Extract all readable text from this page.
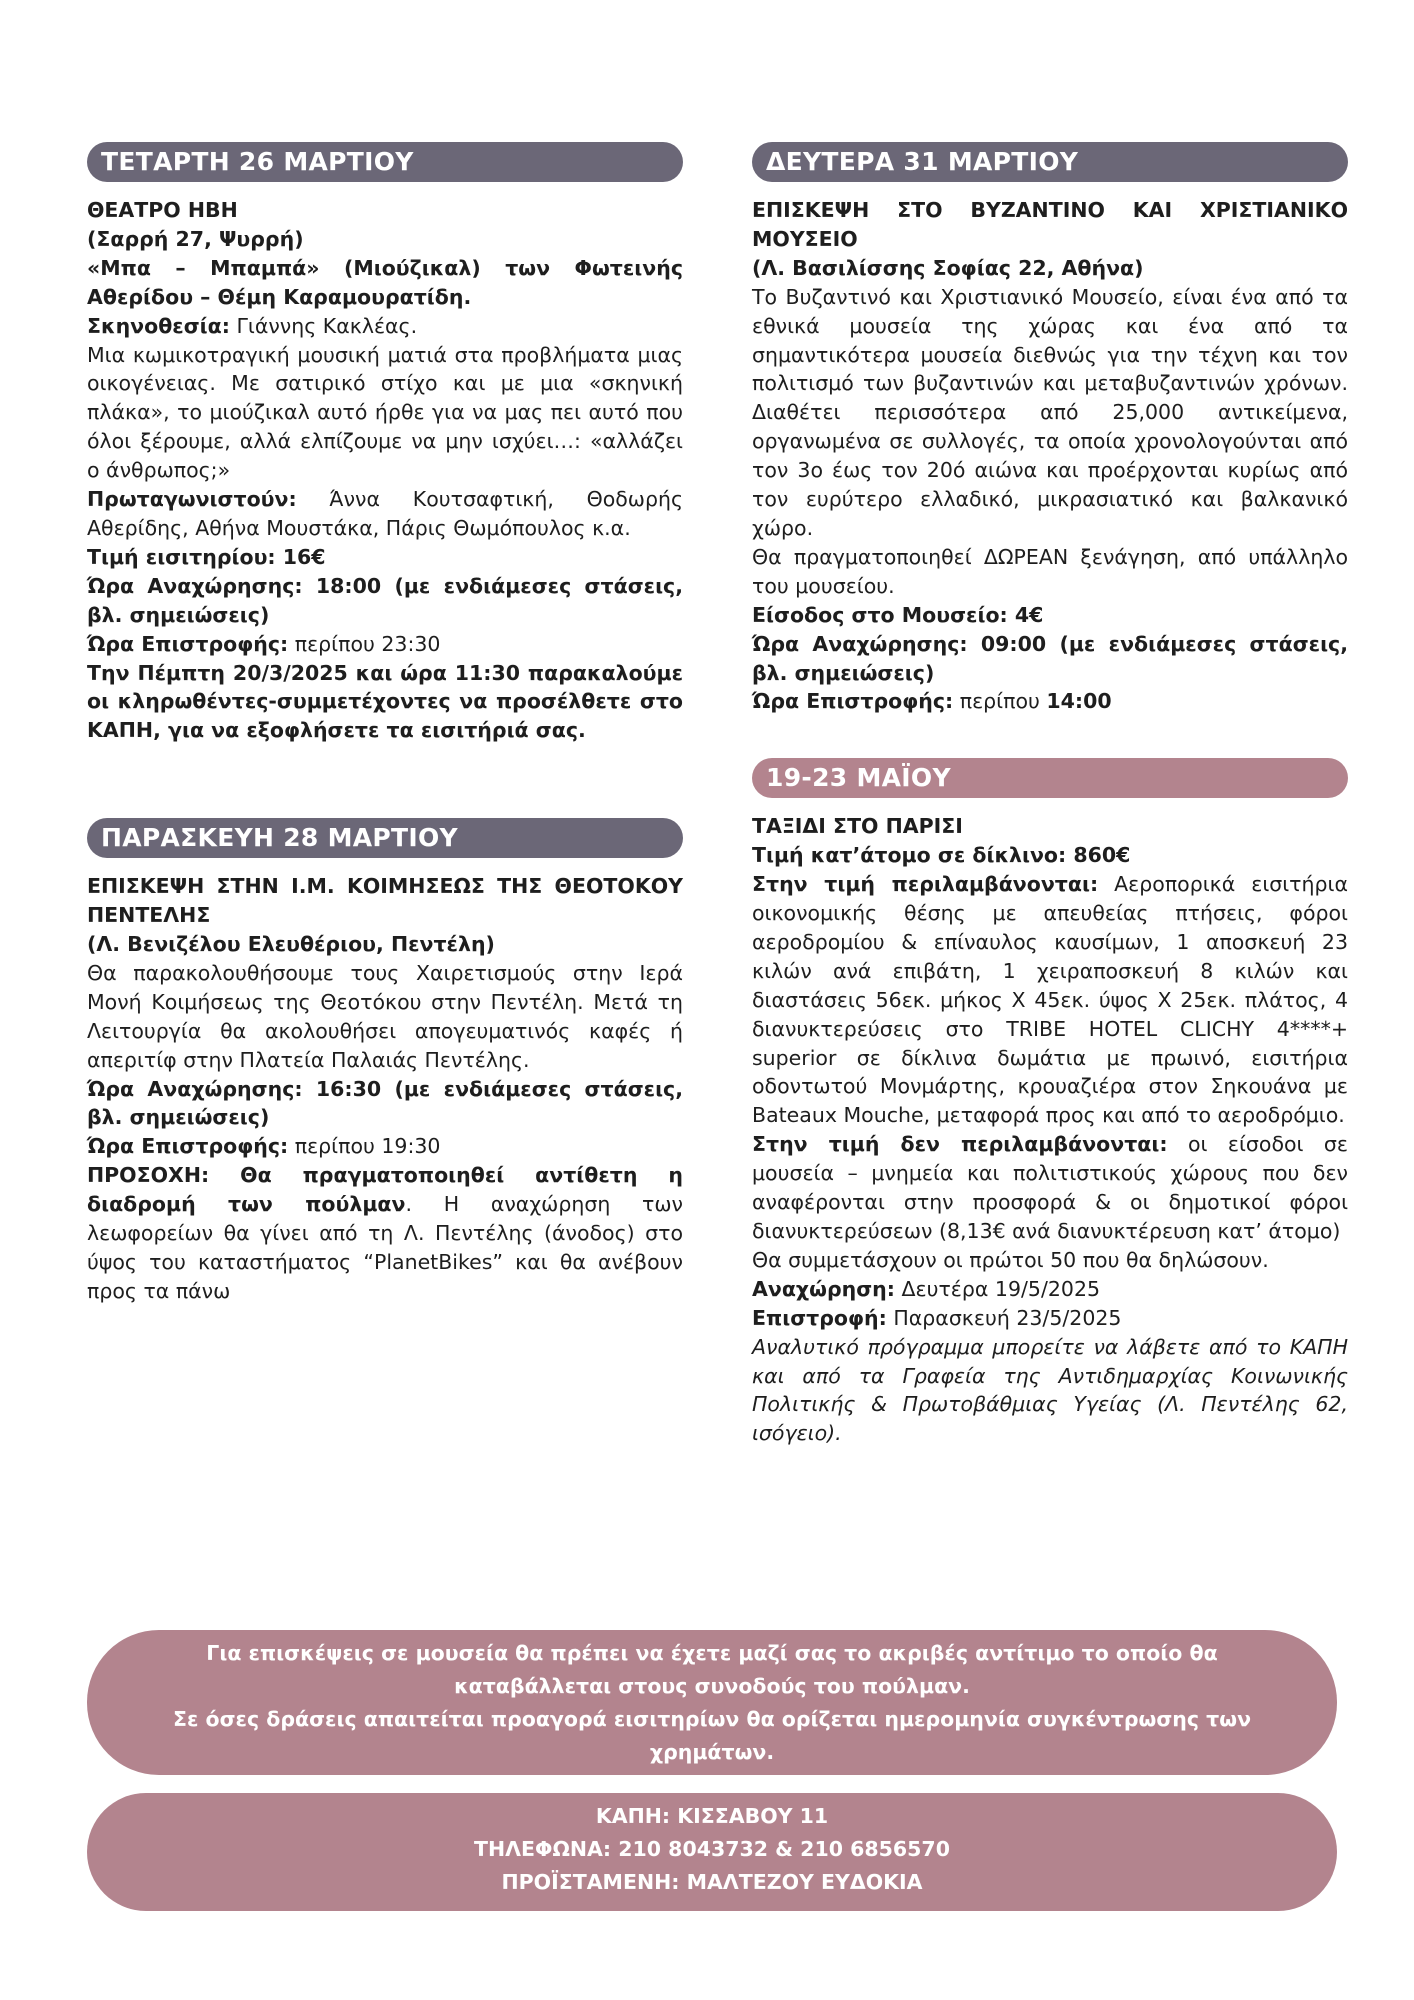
ΤΕΤΑΡΤΗ 26 ΜΑΡΤΙΟΥ

ΘΕΑΤΡΟ ΗΒΗ

(Σαρρή 27, Ψυρρή)

«Μπα – Μπαμπά» (Μιούζικαλ) των Φωτεινής Αθερίδου – Θέμη Καραμουρατίδη.

Σκηνοθεσία: Γιάννης Κακλέας.

Μια κωμικοτραγική μουσική ματιά στα προβλήματα μιας οικογένειας. Με σατιρικό στίχο και με μια «σκηνική πλάκα», το μιούζικαλ αυτό ήρθε για να μας πει αυτό που όλοι ξέρουμε, αλλά ελπίζουμε να μην ισχύει…: «αλλάζει ο άνθρωπος;»

Πρωταγωνιστούν: Άννα Κουτσαφτική, Θοδωρής Αθερίδης, Αθήνα Μουστάκα, Πάρις Θωμόπουλος κ.α.

Τιμή εισιτηρίου: 16€

Ώρα Αναχώρησης: 18:00 (με ενδιάμεσες στάσεις, βλ. σημειώσεις)

Ώρα Επιστροφής: περίπου 23:30

Την Πέμπτη 20/3/2025 και ώρα 11:30 παρακαλούμε οι κληρωθέντες-συμμετέχοντες να προσέλθετε στο ΚΑΠΗ, για να εξοφλήσετε τα εισιτήριά σας.

ΠΑΡΑΣΚΕΥΗ 28 ΜΑΡΤΙΟΥ

ΕΠΙΣΚΕΨΗ ΣΤΗΝ Ι.Μ. ΚΟΙΜΗΣΕΩΣ ΤΗΣ ΘΕΟΤΟΚΟΥ ΠΕΝΤΕΛΗΣ

(Λ. Βενιζέλου Ελευθέριου, Πεντέλη)

Θα παρακολουθήσουμε τους Χαιρετισμούς στην Ιερά Μονή Κοιμήσεως της Θεοτόκου στην Πεντέλη. Μετά τη Λειτουργία θα ακολουθήσει απογευματινός καφές ή απεριτίφ στην Πλατεία Παλαιάς Πεντέλης.

Ώρα Αναχώρησης: 16:30 (με ενδιάμεσες στάσεις, βλ. σημειώσεις)

Ώρα Επιστροφής: περίπου 19:30

ΠΡΟΣΟΧΗ: Θα πραγματοποιηθεί αντίθετη η διαδρομή των πούλμαν. Η αναχώρηση των λεωφορείων θα γίνει από τη Λ. Πεντέλης (άνοδος) στο ύψος του καταστήματος “PlanetBikes” και θα ανέβουν προς τα πάνω

ΔΕΥΤΕΡΑ 31 ΜΑΡΤΙΟΥ

ΕΠΙΣΚΕΨΗ ΣΤΟ ΒΥΖΑΝΤΙΝΟ ΚΑΙ ΧΡΙΣΤΙΑΝΙΚΟ ΜΟΥΣΕΙΟ

(Λ. Βασιλίσσης Σοφίας 22, Αθήνα)

Το Βυζαντινό και Χριστιανικό Μουσείο, είναι ένα από τα εθνικά μουσεία της χώρας και ένα από τα σημαντικότερα μουσεία διεθνώς για την τέχνη και τον πολιτισμό των βυζαντινών και μεταβυζαντινών χρόνων. Διαθέτει περισσότερα από 25,000 αντικείμενα, οργανωμένα σε συλλογές, τα οποία χρονολογούνται από τον 3ο έως τον 20ό αιώνα και προέρχονται κυρίως από τον ευρύτερο ελλαδικό, μικρασιατικό και βαλκανικό χώρο.

Θα πραγματοποιηθεί ΔΩΡΕΑΝ ξενάγηση, από υπάλληλο του μουσείου.

Είσοδος στο Μουσείο: 4€

Ώρα Αναχώρησης: 09:00 (με ενδιάμεσες στάσεις, βλ. σημειώσεις)

Ώρα Επιστροφής: περίπου 14:00

19-23 ΜΑΪΟΥ

ΤΑΞΙΔΙ ΣΤΟ ΠΑΡΙΣΙ

Τιμή κατ’άτομο σε δίκλινο: 860€

Στην τιμή περιλαμβάνονται: Αεροπορικά εισιτήρια οικονομικής θέσης με απευθείας πτήσεις, φόροι αεροδρομίου & επίναυλος καυσίμων, 1 αποσκευή 23 κιλών ανά επιβάτη, 1 χειραποσκευή 8 κιλών και διαστάσεις 56εκ. μήκος Χ 45εκ. ύψος Χ 25εκ. πλάτος, 4 διανυκτερεύσεις στο TRIBE HOTEL CLICHY 4****+ superior σε δίκλινα δωμάτια με πρωινό, εισιτήρια οδοντωτού Μονμάρτης, κρουαζιέρα στον Σηκουάνα με Bateaux Mouche, μεταφορά προς και από το αεροδρόμιο.

Στην τιμή δεν περιλαμβάνονται: οι είσοδοι σε μουσεία – μνημεία και πολιτιστικούς χώρους που δεν αναφέρονται στην προσφορά & οι δημοτικοί φόροι διανυκτερεύσεων (8,13€ ανά διανυκτέρευση κατ’ άτομο)

Θα συμμετάσχουν οι πρώτοι 50 που θα δηλώσουν.

Αναχώρηση: Δευτέρα 19/5/2025

Επιστροφή: Παρασκευή 23/5/2025

Αναλυτικό πρόγραμμα μπορείτε να λάβετε από το ΚΑΠΗ και από τα Γραφεία της Αντιδημαρχίας Κοινωνικής Πολιτικής & Πρωτοβάθμιας Υγείας (Λ. Πεντέλης 62, ισόγειο).

Για επισκέψεις σε μουσεία θα πρέπει να έχετε μαζί σας το ακριβές αντίτιμο το οποίο θα καταβάλλεται στους συνοδούς του πούλμαν.

Σε όσες δράσεις απαιτείται προαγορά εισιτηρίων θα ορίζεται ημερομηνία συγκέντρωσης των χρημάτων.

ΚΑΠΗ: ΚΙΣΣΑΒΟΥ 11

ΤΗΛΕΦΩΝΑ: 210 8043732 & 210 6856570

ΠΡΟΪΣΤΑΜΕΝΗ: ΜΑΛΤΕΖΟΥ ΕΥΔΟΚΙΑ
